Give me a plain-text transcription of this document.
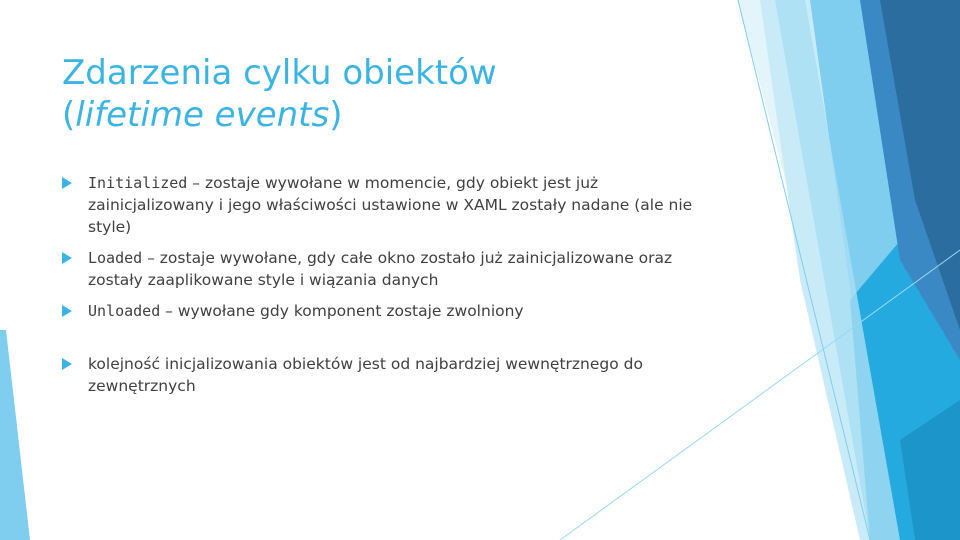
Zdarzenia cylku obiektów
(lifetime events)
Initialized – zostaje wywołane w momencie, gdy obiekt jest już zainicjalizowany i jego właściwości ustawione w XAML zostały nadane (ale nie style)
Loaded – zostaje wywołane, gdy całe okno zostało już zainicjalizowane oraz zostały zaaplikowane style i wiązania danych
Unloaded – wywołane gdy komponent zostaje zwolniony
kolejność inicjalizowania obiektów jest od najbardziej wewnętrznego do zewnętrznych
